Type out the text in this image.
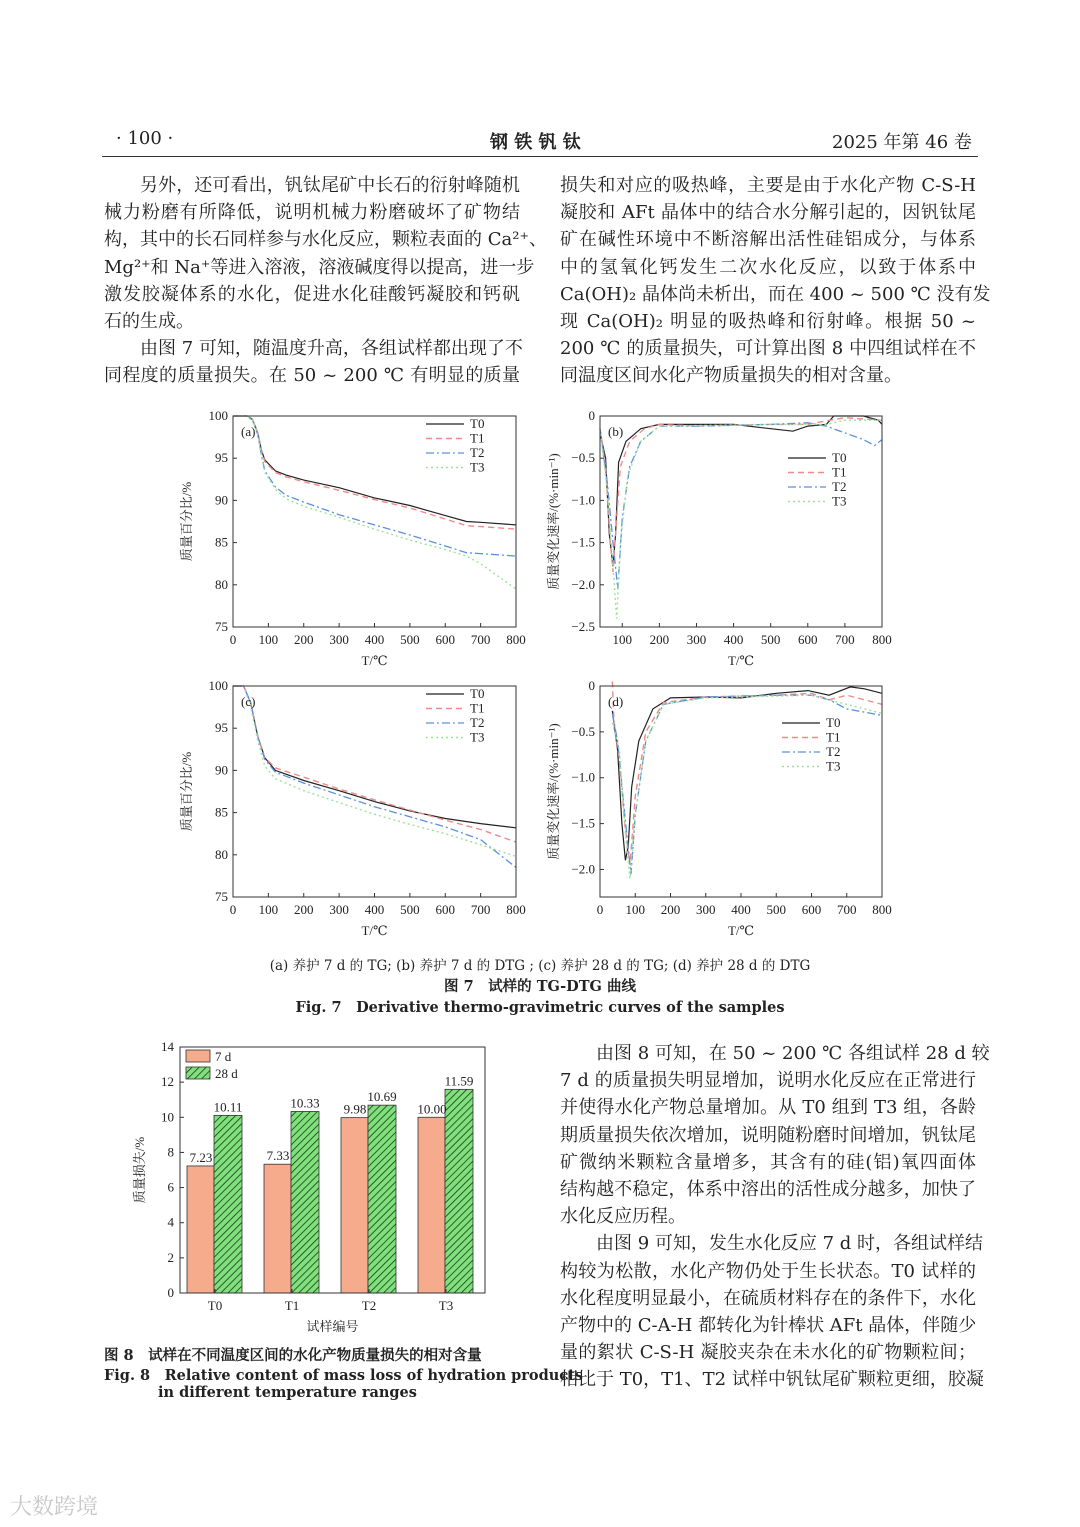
· 100 ·	钢 铁 钒 钛	2025 年第 46 卷
另外，还可看出，钒钛尾矿中长石的衍射峰随机
械力粉磨有所降低，说明机械力粉磨破坏了矿物结
构，其中的长石同样参与水化反应，颗粒表面的 Ca²⁺、
Mg²⁺和 Na⁺等进入溶液，溶液碱度得以提高，进一步
激发胶凝体系的水化，促进水化硅酸钙凝胶和钙矾
石的生成。
由图 7 可知，随温度升高，各组试样都出现了不
同程度的质量损失。在 50 ~ 200 ℃ 有明显的质量
损失和对应的吸热峰，主要是由于水化产物 C-S-H
凝胶和 AFt 晶体中的结合水分解引起的，因钒钛尾
矿在碱性环境中不断溶解出活性硅铝成分，与体系
中的氢氧化钙发生二次水化反应，以致于体系中
Ca(OH)₂ 晶体尚未析出，而在 400 ~ 500 ℃ 没有发
现 Ca(OH)₂ 明显的吸热峰和衍射峰。根据 50 ~
200 ℃ 的质量损失，可计算出图 8 中四组试样在不
同温度区间水化产物质量损失的相对含量。
由图 8 可知，在 50 ~ 200 ℃ 各组试样 28 d 较
7 d 的质量损失明显增加，说明水化反应在正常进行
并使得水化产物总量增加。从 T0 组到 T3 组，各龄
期质量损失依次增加，说明随粉磨时间增加，钒钛尾
矿微纳米颗粒含量增多，其含有的硅(铝)氧四面体
结构越不稳定，体系中溶出的活性成分越多，加快了
水化反应历程。
由图 9 可知，发生水化反应 7 d 时，各组试样结
构较为松散，水化产物仍处于生长状态。T0 试样的
水化程度明显最小，在硫质材料存在的条件下，水化
产物中的 C-A-H 都转化为针棒状 AFt 晶体，伴随少
量的絮状 C-S-H 凝胶夹杂在未水化的矿物颗粒间；
相比于 T0，T1、T2 试样中钒钛尾矿颗粒更细，胶凝
0 100 200 300 400 500 600 700 800
75
80
85
90
95
100
(a)
T/℃
质量百分比/%
T0
T1
T2
T3
100 200 300 400 500 600 700 800
−2.5
−2.0
−1.5
−1.0
−0.5
0
(b)
T/℃
质量变化速率/(%·min⁻¹)	T0
T1
T2
T3
0 100 200 300 400 500 600 700 800
75
80
85
90
95
100
(c)
T/℃
质量百分比/%
T0
T1
T2
T3
0 100 200 300 400 500 600 700 800
−2.0
−1.5
−1.0
−0.5
0
(d)
T/℃
质量变化速率/(%·min⁻¹)
T0
T1
T2
T3
7.23
10.11
T0
7.33
10.33
T1
9.98
10.69
T2
10.00
11.59
T3
0
2
4
6
8
10
12
14
试样编号
质量损失/%
7 d
28 d
(a) 养护 7 d 的 TG; (b) 养护 7 d 的 DTG ; (c) 养护 28 d 的 TG; (d) 养护 28 d 的 DTG
图 7　试样的 TG-DTG 曲线
Fig. 7　Derivative thermo-gravimetric curves of the samples
图 8　试样在不同温度区间的水化产物质量损失的相对含量
Fig. 8　Relative content of mass loss of hydration products
in different temperature ranges
大数跨境
